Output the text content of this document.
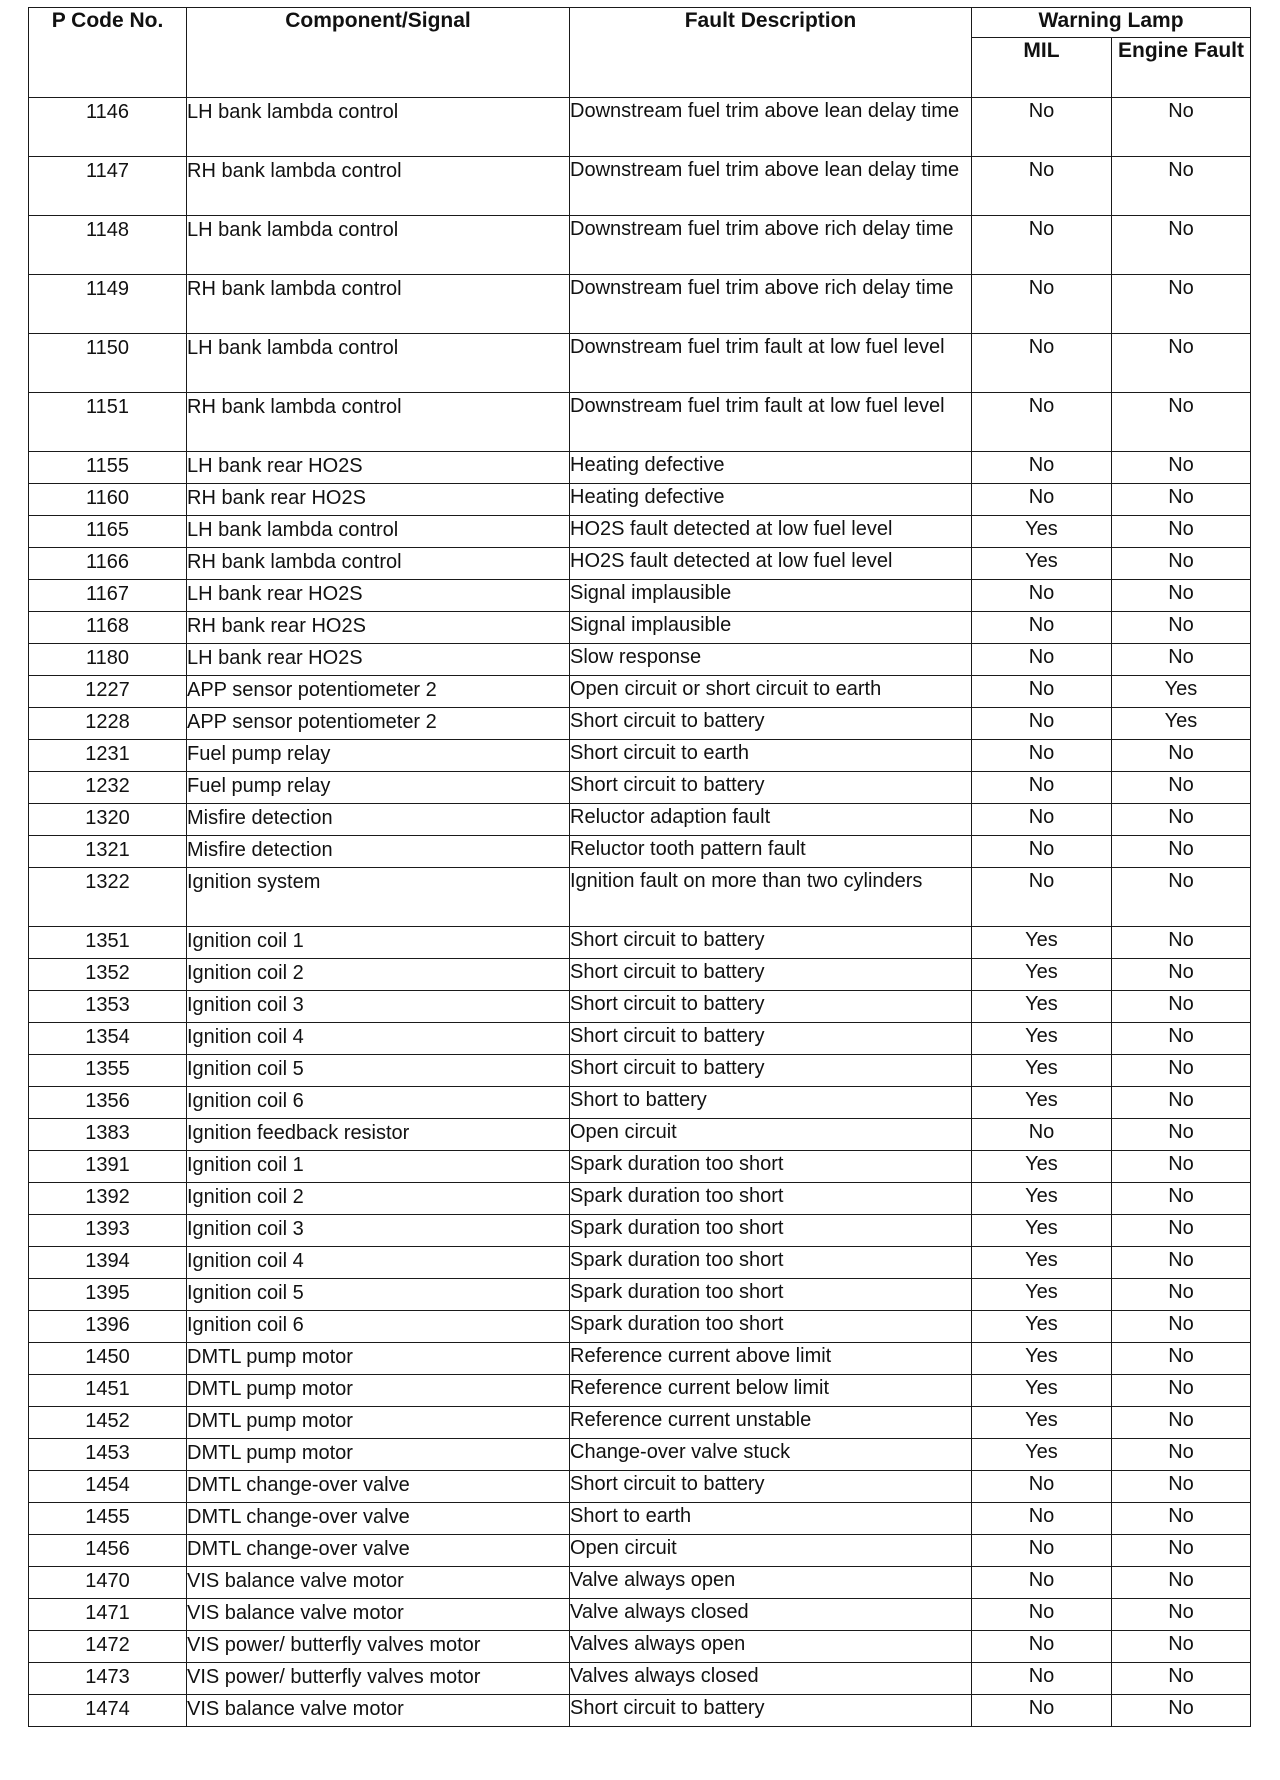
P Code No.	Component/Signal	Fault Description	Warning Lamp	
			MIL	Engine Fault
1146	LH bank lambda control	Downstream fuel trim above lean delay time	No	No
1147	RH bank lambda control	Downstream fuel trim above lean delay time	No	No
1148	LH bank lambda control	Downstream fuel trim above rich delay time	No	No
1149	RH bank lambda control	Downstream fuel trim above rich delay time	No	No
1150	LH bank lambda control	Downstream fuel trim fault at low fuel level	No	No
1151	RH bank lambda control	Downstream fuel trim fault at low fuel level	No	No
1155	LH bank rear HO2S	Heating defective	No	No
1160	RH bank rear HO2S	Heating defective	No	No
1165	LH bank lambda control	HO2S fault detected at low fuel level	Yes	No
1166	RH bank lambda control	HO2S fault detected at low fuel level	Yes	No
1167	LH bank rear HO2S	Signal implausible	No	No
1168	RH bank rear HO2S	Signal implausible	No	No
1180	LH bank rear HO2S	Slow response	No	No
1227	APP sensor potentiometer 2	Open circuit or short circuit to earth	No	Yes
1228	APP sensor potentiometer 2	Short circuit to battery	No	Yes
1231	Fuel pump relay	Short circuit to earth	No	No
1232	Fuel pump relay	Short circuit to battery	No	No
1320	Misfire detection	Reluctor adaption fault	No	No
1321	Misfire detection	Reluctor tooth pattern fault	No	No
1322	Ignition system	Ignition fault on more than two cylinders	No	No
1351	Ignition coil 1	Short circuit to battery	Yes	No
1352	Ignition coil 2	Short circuit to battery	Yes	No
1353	Ignition coil 3	Short circuit to battery	Yes	No
1354	Ignition coil 4	Short circuit to battery	Yes	No
1355	Ignition coil 5	Short circuit to battery	Yes	No
1356	Ignition coil 6	Short to battery	Yes	No
1383	Ignition feedback resistor	Open circuit	No	No
1391	Ignition coil 1	Spark duration too short	Yes	No
1392	Ignition coil 2	Spark duration too short	Yes	No
1393	Ignition coil 3	Spark duration too short	Yes	No
1394	Ignition coil 4	Spark duration too short	Yes	No
1395	Ignition coil 5	Spark duration too short	Yes	No
1396	Ignition coil 6	Spark duration too short	Yes	No
1450	DMTL pump motor	Reference current above limit	Yes	No
1451	DMTL pump motor	Reference current below limit	Yes	No
1452	DMTL pump motor	Reference current unstable	Yes	No
1453	DMTL pump motor	Change-over valve stuck	Yes	No
1454	DMTL change-over valve	Short circuit to battery	No	No
1455	DMTL change-over valve	Short to earth	No	No
1456	DMTL change-over valve	Open circuit	No	No
1470	VIS balance valve motor	Valve always open	No	No
1471	VIS balance valve motor	Valve always closed	No	No
1472	VIS power/ butterfly valves motor	Valves always open	No	No
1473	VIS power/ butterfly valves motor	Valves always closed	No	No
1474	VIS balance valve motor	Short circuit to battery	No	No
